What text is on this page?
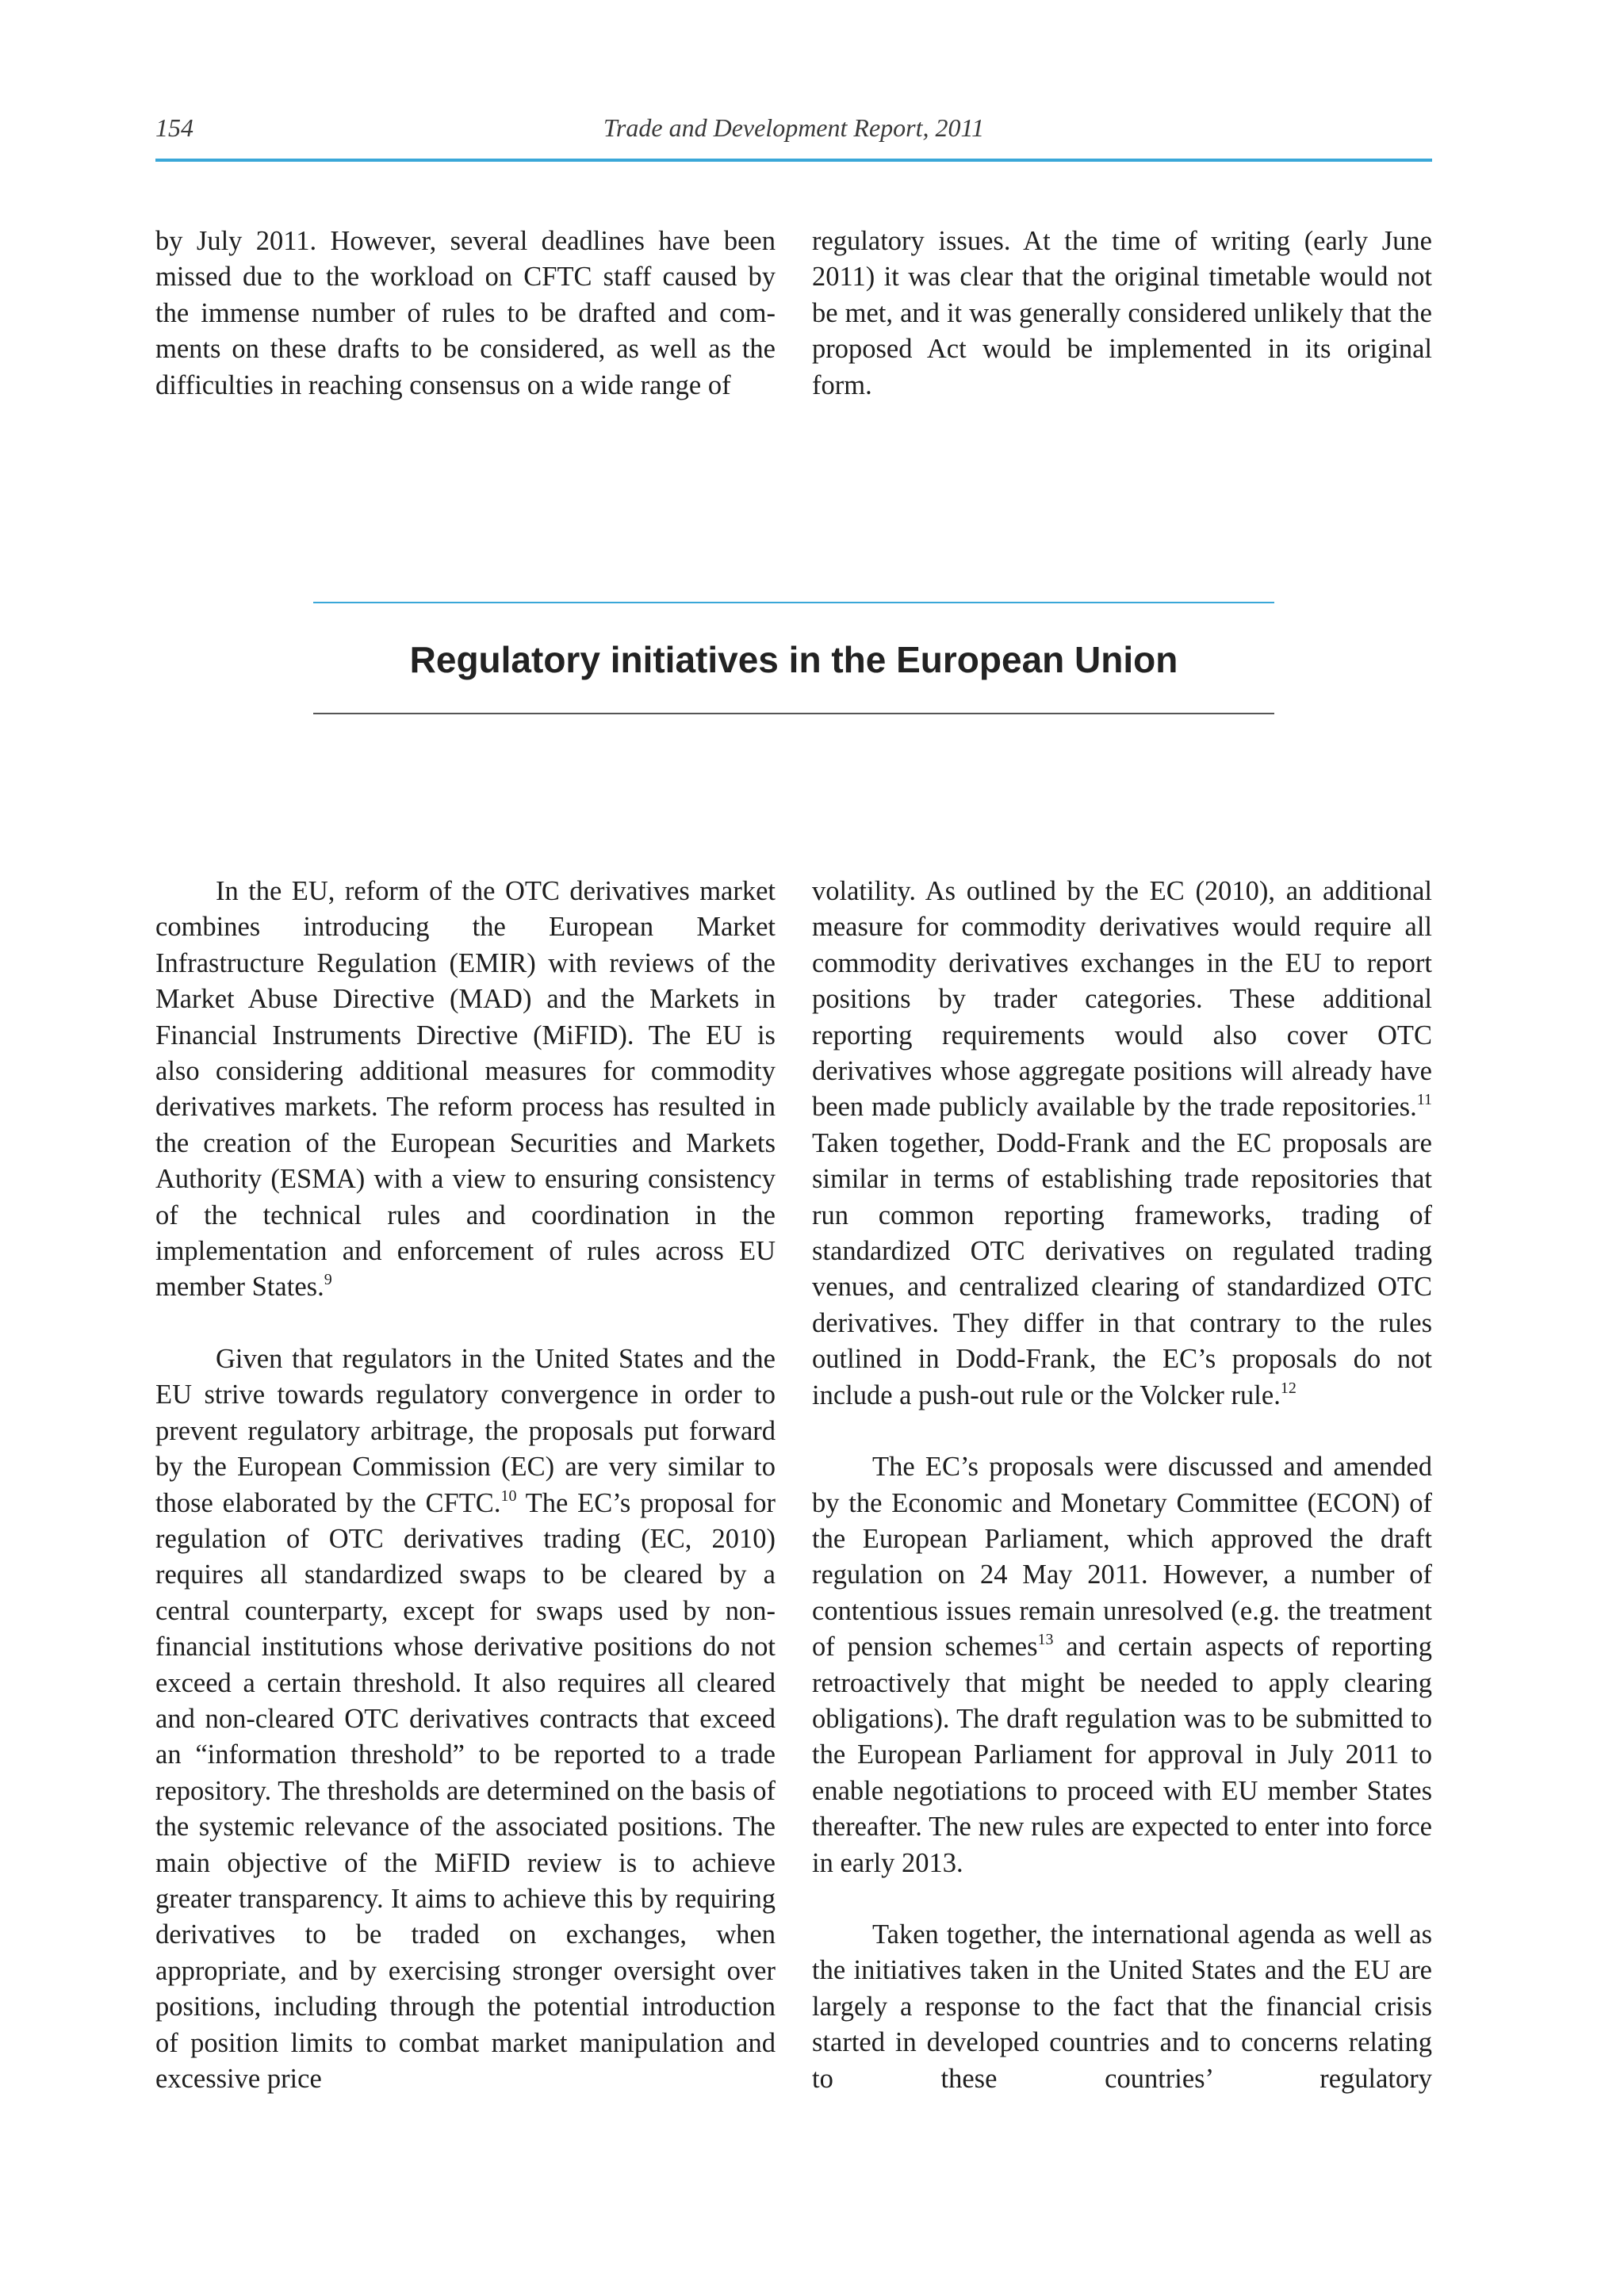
154	Trade and Development Report, 2011

by July 2011. However, several deadlines have been missed due to the workload on CFTC staff caused by the immense number of rules to be drafted and comments on these drafts to be considered, as well as the difficulties in reaching consensus on a wide range of

regulatory issues. At the time of writing (early June 2011) it was clear that the original timetable would not be met, and it was generally considered unlikely that the proposed Act would be implemented in its original form.

Regulatory initiatives in the European Union

In the EU, reform of the OTC derivatives market combines introducing the European Market Infrastructure Regulation (EMIR) with reviews of the Market Abuse Directive (MAD) and the Markets in Financial Instruments Directive (MiFID). The EU is also considering additional measures for commodity derivatives markets. The reform process has resulted in the creation of the European Securities and Markets Authority (ESMA) with a view to ensuring consistency of the technical rules and coordination in the implementation and enforcement of rules across EU member States.$^9$

Given that regulators in the United States and the EU strive towards regulatory convergence in order to prevent regulatory arbitrage, the proposals put forward by the European Commission (EC) are very similar to those elaborated by the CFTC.$^{10}$ The EC’s proposal for regulation of OTC derivatives trading (EC, 2010) requires all standardized swaps to be cleared by a central counterparty, except for swaps used by non-financial institutions whose derivative positions do not exceed a certain threshold. It also requires all cleared and non-cleared OTC derivatives contracts that exceed an “information threshold” to be reported to a trade repository. The thresholds are determined on the basis of the systemic relevance of the associated positions. The main objective of the MiFID review is to achieve greater transparency. It aims to achieve this by requiring derivatives to be traded on exchanges, when appropriate, and by exercising stronger oversight over positions, including through the potential introduction of position limits to combat market manipulation and excessive price

volatility. As outlined by the EC (2010), an additional measure for commodity derivatives would require all commodity derivatives exchanges in the EU to report positions by trader categories. These additional reporting requirements would also cover OTC derivatives whose aggregate positions will already have been made publicly available by the trade repositories.$^{11}$ Taken together, Dodd-Frank and the EC proposals are similar in terms of establishing trade repositories that run common reporting frameworks, trading of standardized OTC derivatives on regulated trading venues, and centralized clearing of standardized OTC derivatives. They differ in that contrary to the rules outlined in Dodd-Frank, the EC’s proposals do not include a push-out rule or the Volcker rule.$^{12}$

The EC’s proposals were discussed and amended by the Economic and Monetary Committee (ECON) of the European Parliament, which approved the draft regulation on 24 May 2011. However, a number of contentious issues remain unresolved (e.g. the treatment of pension schemes$^{13}$ and certain aspects of reporting retroactively that might be needed to apply clearing obligations). The draft regulation was to be submitted to the European Parliament for approval in July 2011 to enable negotiations to proceed with EU member States thereafter. The new rules are expected to enter into force in early 2013.

Taken together, the international agenda as well as the initiatives taken in the United States and the EU are largely a response to the fact that the financial crisis started in developed countries and to concerns relating to these countries’ regulatory
